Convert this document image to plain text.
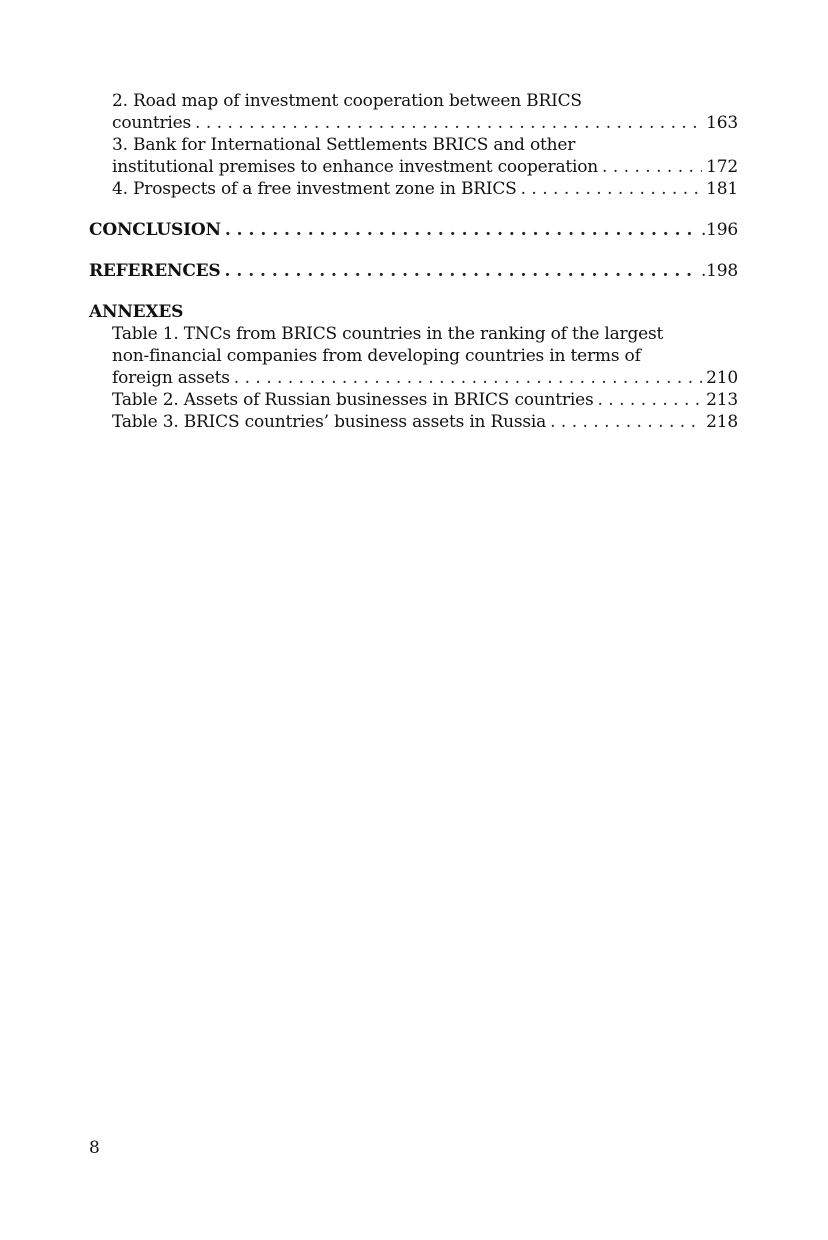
2. Road map of investment cooperation between BRICS
countries . . .	163
3. Bank for International Settlements BRICS and other
institutional premises to enhance investment cooperation . . .	172
4. Prospects of a free investment zone in BRICS . . .	181
CONCLUSION . . .	.196
REFERENCES . . .	.198
ANNEXES
Table 1. TNCs from BRICS countries in the ranking of the largest
non-financial companies from developing countries in terms of
foreign assets . . .	210
Table 2. Assets of Russian businesses in BRICS countries . . .	213
Table 3. BRICS countries’ business assets in Russia . . .	218
8
